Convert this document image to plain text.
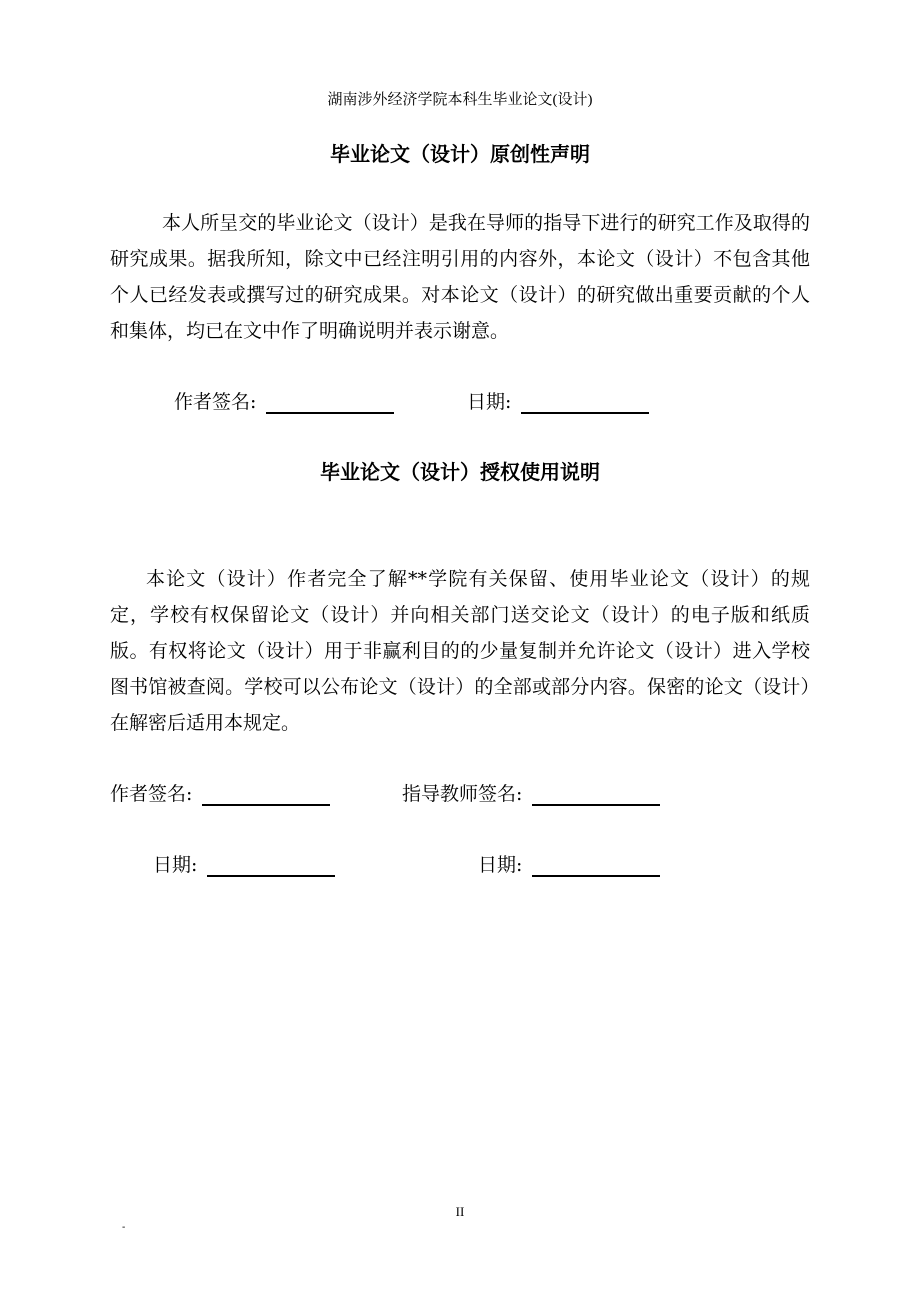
湖南涉外经济学院本科生毕业论文(设计)
毕业论文（设计）原创性声明
本人所呈交的毕业论文（设计）是我在导师的指导下进行的研究工作及取得的研究成果。据我所知，除文中已经注明引用的内容外，本论文（设计）不包含其他个人已经发表或撰写过的研究成果。对本论文（设计）的研究做出重要贡献的个人和集体，均已在文中作了明确说明并表示谢意。
作者签名:	日期:
毕业论文（设计）授权使用说明
本论文（设计）作者完全了解**学院有关保留、使用毕业论文（设计）的规定，学校有权保留论文（设计）并向相关部门送交论文（设计）的电子版和纸质版。有权将论文（设计）用于非赢利目的的少量复制并允许论文（设计）进入学校图书馆被查阅。学校可以公布论文（设计）的全部或部分内容。保密的论文（设计）在解密后适用本规定。
作者签名:	指导教师签名:
日期:	日期:
II
-
